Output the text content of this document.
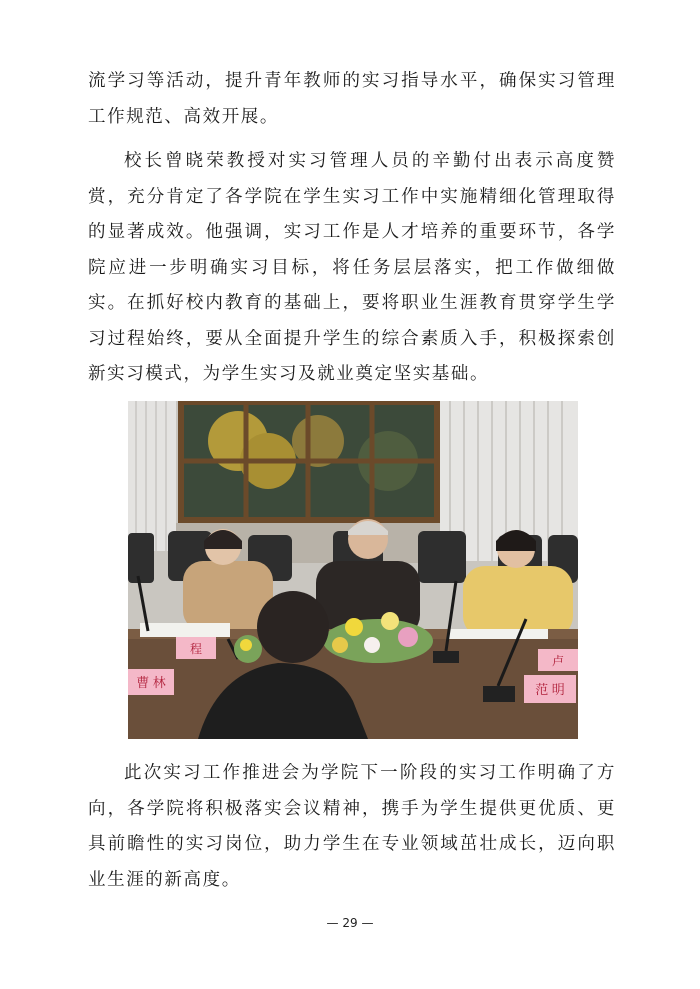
流学习等活动，提升青年教师的实习指导水平，确保实习管理工作规范、高效开展。

校长曾晓荣教授对实习管理人员的辛勤付出表示高度赞赏，充分肯定了各学院在学生实习工作中实施精细化管理取得的显著成效。他强调，实习工作是人才培养的重要环节，各学院应进一步明确实习目标，将任务层层落实，把工作做细做实。在抓好校内教育的基础上，要将职业生涯教育贯穿学生学习过程始终，要从全面提升学生的综合素质入手，积极探索创新实习模式，为学生实习及就业奠定坚实基础。

程
卢
曹 林	范 明

此次实习工作推进会为学院下一阶段的实习工作明确了方向，各学院将积极落实会议精神，携手为学生提供更优质、更具前瞻性的实习岗位，助力学生在专业领域茁壮成长，迈向职业生涯的新高度。

— 29 —
